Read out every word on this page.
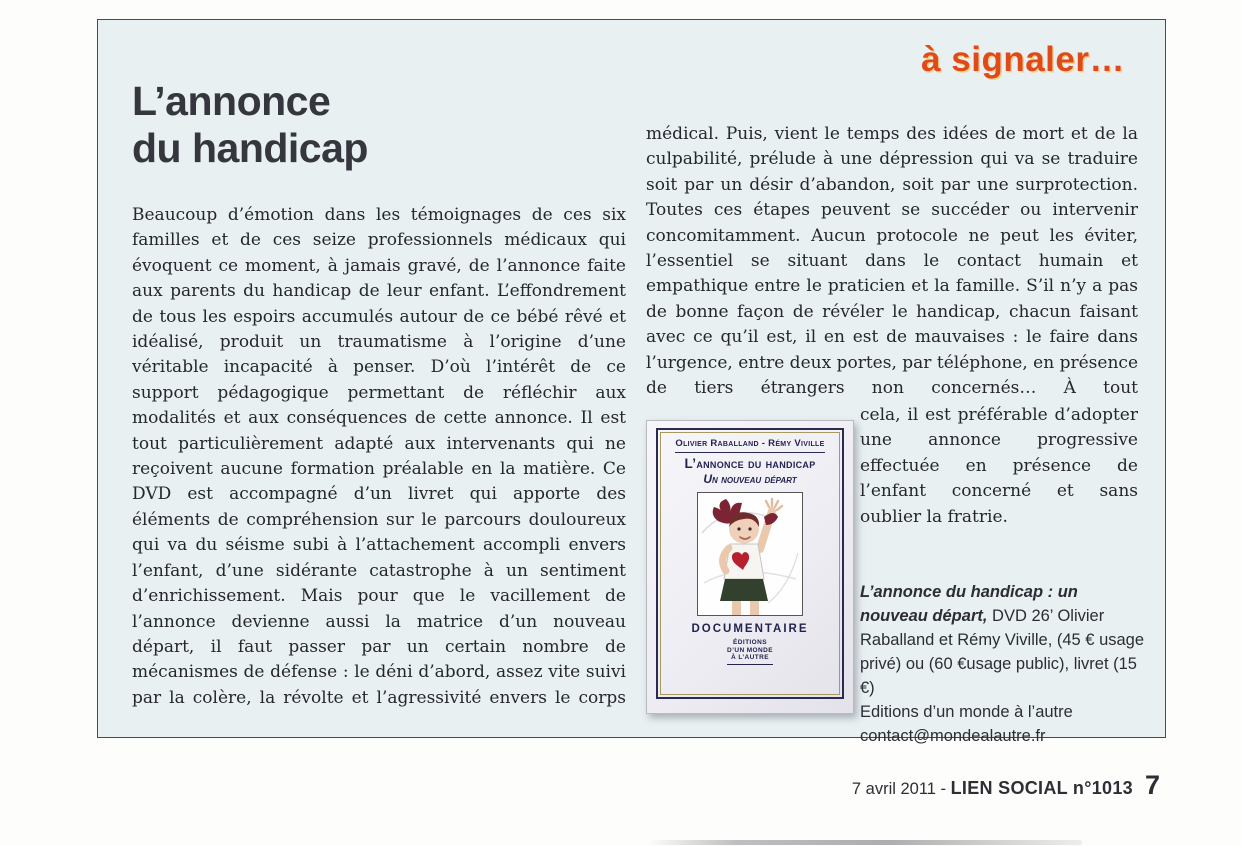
à signaler…
L’annonce
du handicap
Beaucoup d’émotion dans les témoignages de ces six familles et de ces seize professionnels médicaux qui évoquent ce moment, à jamais gravé, de l’annonce faite aux parents du handicap de leur enfant. L’effondrement de tous les espoirs accumulés autour de ce bébé rêvé et idéalisé, produit un traumatisme à l’origine d’une véritable incapacité à penser. D’où l’intérêt de ce support pédagogique permettant de réfléchir aux modalités et aux conséquences de cette annonce. Il est tout particulièrement adapté aux intervenants qui ne reçoivent aucune formation préalable en la matière. Ce DVD est accompagné d’un livret qui apporte des éléments de compréhension sur le parcours douloureux qui va du séisme subi à l’attachement accompli envers l’enfant, d’une sidérante catastrophe à un sentiment d’enrichissement. Mais pour que le vacillement de l’annonce devienne aussi la matrice d’un nouveau départ, il faut passer par un certain nombre de mécanismes de défense : le déni d’abord, assez vite suivi par la colère, la révolte et l’agressivité envers le corps
médical. Puis, vient le temps des idées de mort et de la culpabilité, prélude à une dépression qui va se traduire soit par un désir d’abandon, soit par une surprotection. Toutes ces étapes peuvent se succéder ou intervenir concomitamment. Aucun protocole ne peut les éviter, l’essentiel se situant dans le contact humain et empathique entre le praticien et la famille. S’il n’y a pas de bonne façon de révéler le handicap, chacun faisant avec ce qu’il est, il en est de mauvaises : le faire dans l’urgence, entre deux portes, par téléphone, en présence de tiers étrangers non concernés… À tout
cela, il est préférable d’adopter une annonce progressive effectuée en présence de l’enfant concerné et sans oublier la fratrie.
Olivier Raballand - Rémy Viville
L’annonce du handicap
Un nouveau départ
DOCUMENTAIRE
ÉDITIONS
D’UN MONDE
À L’AUTRE
L’annonce du handicap : un nouveau départ, DVD 26’ Olivier Raballand et Rémy Viville, (45 € usage privé) ou (60 €usage public), livret (15 €)
Editions d’un monde à l’autre
contact@mondealautre.fr
7 avril 2011 - LIEN SOCIAL n°1013 7
